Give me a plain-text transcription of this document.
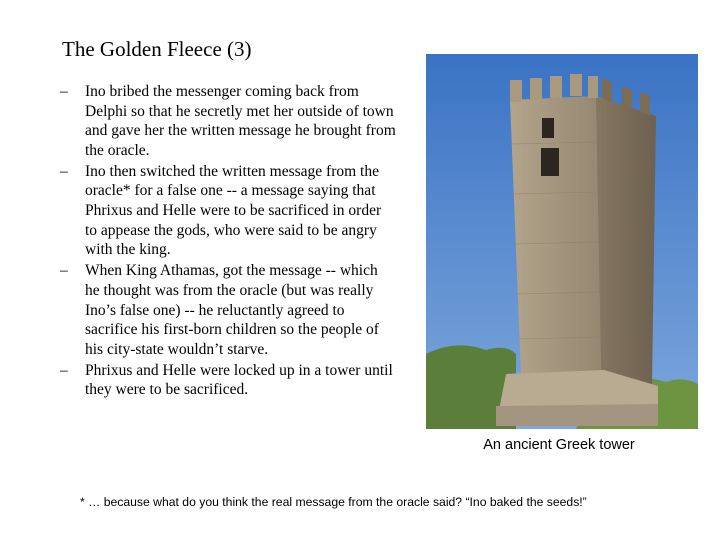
The Golden Fleece (3)
– Ino bribed the messenger coming back from Delphi so that he secretly met her outside of town and gave her the written message he brought from the oracle.
– Ino then switched the written message from the oracle* for a false one -- a message saying that Phrixus and Helle were to be sacrificed in order to appease the gods, who were said to be angry with the king.
– When King Athamas, got the message -- which he thought was from the oracle (but was really Ino’s false one) -- he reluctantly agreed to sacrifice his first-born children so the people of his city-state wouldn’t starve.
– Phrixus and Helle were locked up in a tower until they were to be sacrificed.
An ancient Greek tower
* … because what do you think the real message from the oracle said? “Ino baked the seeds!”
